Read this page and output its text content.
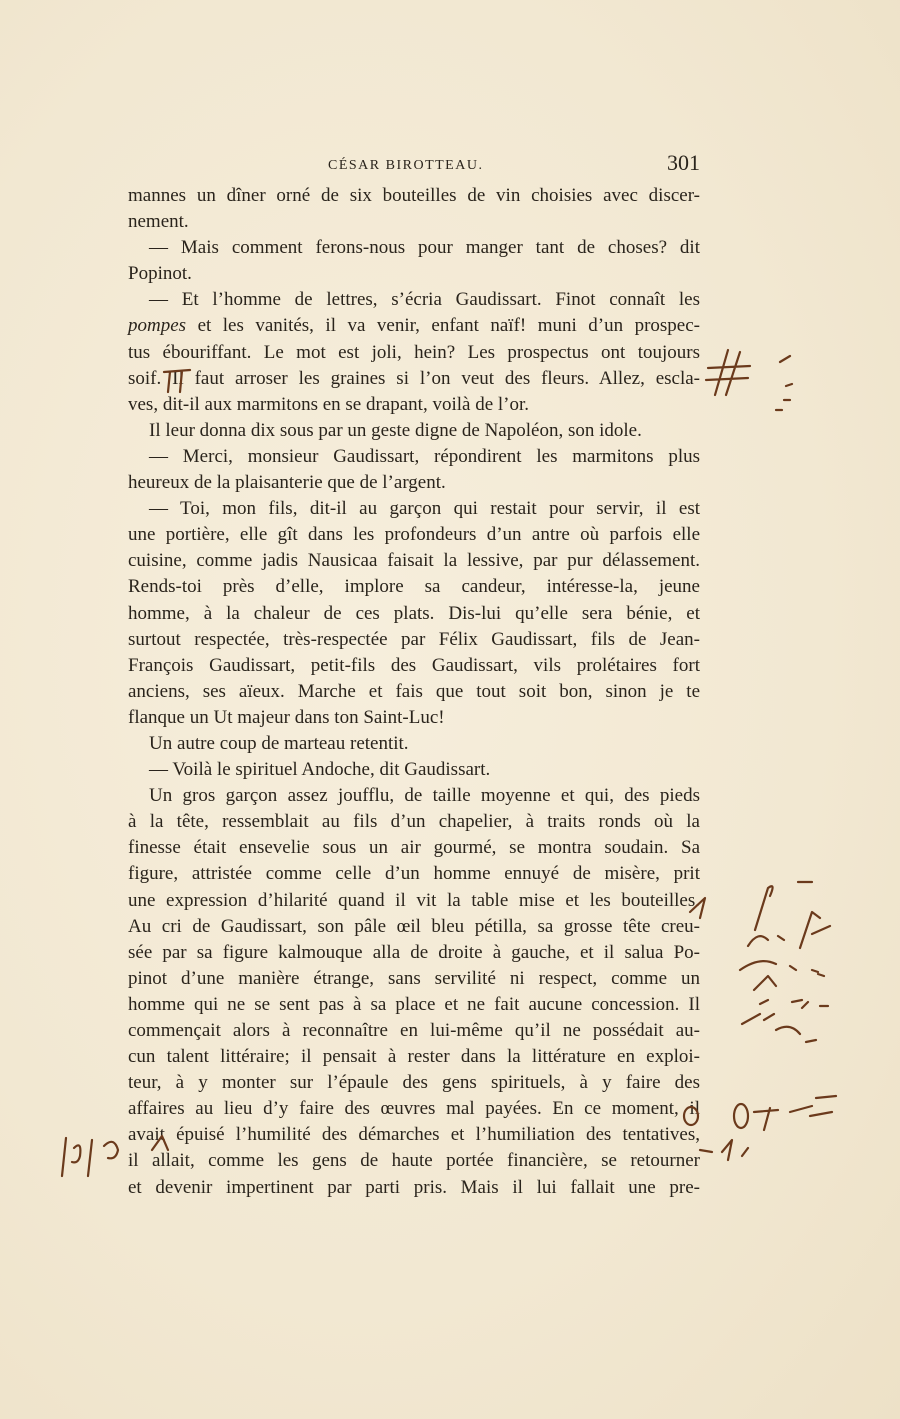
CÉSAR BIROTTEAU.	301
mannes un dîner orné de six bouteilles de vin choisies avec discer-
nement.
— Mais comment ferons-nous pour manger tant de choses? dit
Popinot.
— Et l’homme de lettres, s’écria Gaudissart. Finot connaît les
pompes et les vanités, il va venir, enfant naïf! muni d’un prospec-
tus ébouriffant. Le mot est joli, hein? Les prospectus ont toujours
soif. Il faut arroser les graines si l’on veut des fleurs. Allez, escla-
ves, dit-il aux marmitons en se drapant, voilà de l’or.
Il leur donna dix sous par un geste digne de Napoléon, son idole.
— Merci, monsieur Gaudissart, répondirent les marmitons plus
heureux de la plaisanterie que de l’argent.
— Toi, mon fils, dit-il au garçon qui restait pour servir, il est
une portière, elle gît dans les profondeurs d’un antre où parfois elle
cuisine, comme jadis Nausicaa faisait la lessive, par pur délassement.
Rends-toi près d’elle, implore sa candeur, intéresse-la, jeune
homme, à la chaleur de ces plats. Dis-lui qu’elle sera bénie, et
surtout respectée, très-respectée par Félix Gaudissart, fils de Jean-
François Gaudissart, petit-fils des Gaudissart, vils prolétaires fort
anciens, ses aïeux. Marche et fais que tout soit bon, sinon je te
flanque un Ut majeur dans ton Saint-Luc!
Un autre coup de marteau retentit.
— Voilà le spirituel Andoche, dit Gaudissart.
Un gros garçon assez joufflu, de taille moyenne et qui, des pieds
à la tête, ressemblait au fils d’un chapelier, à traits ronds où la
finesse était ensevelie sous un air gourmé, se montra soudain. Sa
figure, attristée comme celle d’un homme ennuyé de misère, prit
une expression d’hilarité quand il vit la table mise et les bouteilles.
Au cri de Gaudissart, son pâle œil bleu pétilla, sa grosse tête creu-
sée par sa figure kalmouque alla de droite à gauche, et il salua Po-
pinot d’une manière étrange, sans servilité ni respect, comme un
homme qui ne se sent pas à sa place et ne fait aucune concession. Il
commençait alors à reconnaître en lui-même qu’il ne possédait au-
cun talent littéraire; il pensait à rester dans la littérature en exploi-
teur, à y monter sur l’épaule des gens spirituels, à y faire des
affaires au lieu d’y faire des œuvres mal payées. En ce moment, il
avait épuisé l’humilité des démarches et l’humiliation des tentatives,
il allait, comme les gens de haute portée financière, se retourner
et devenir impertinent par parti pris. Mais il lui fallait une pre-
